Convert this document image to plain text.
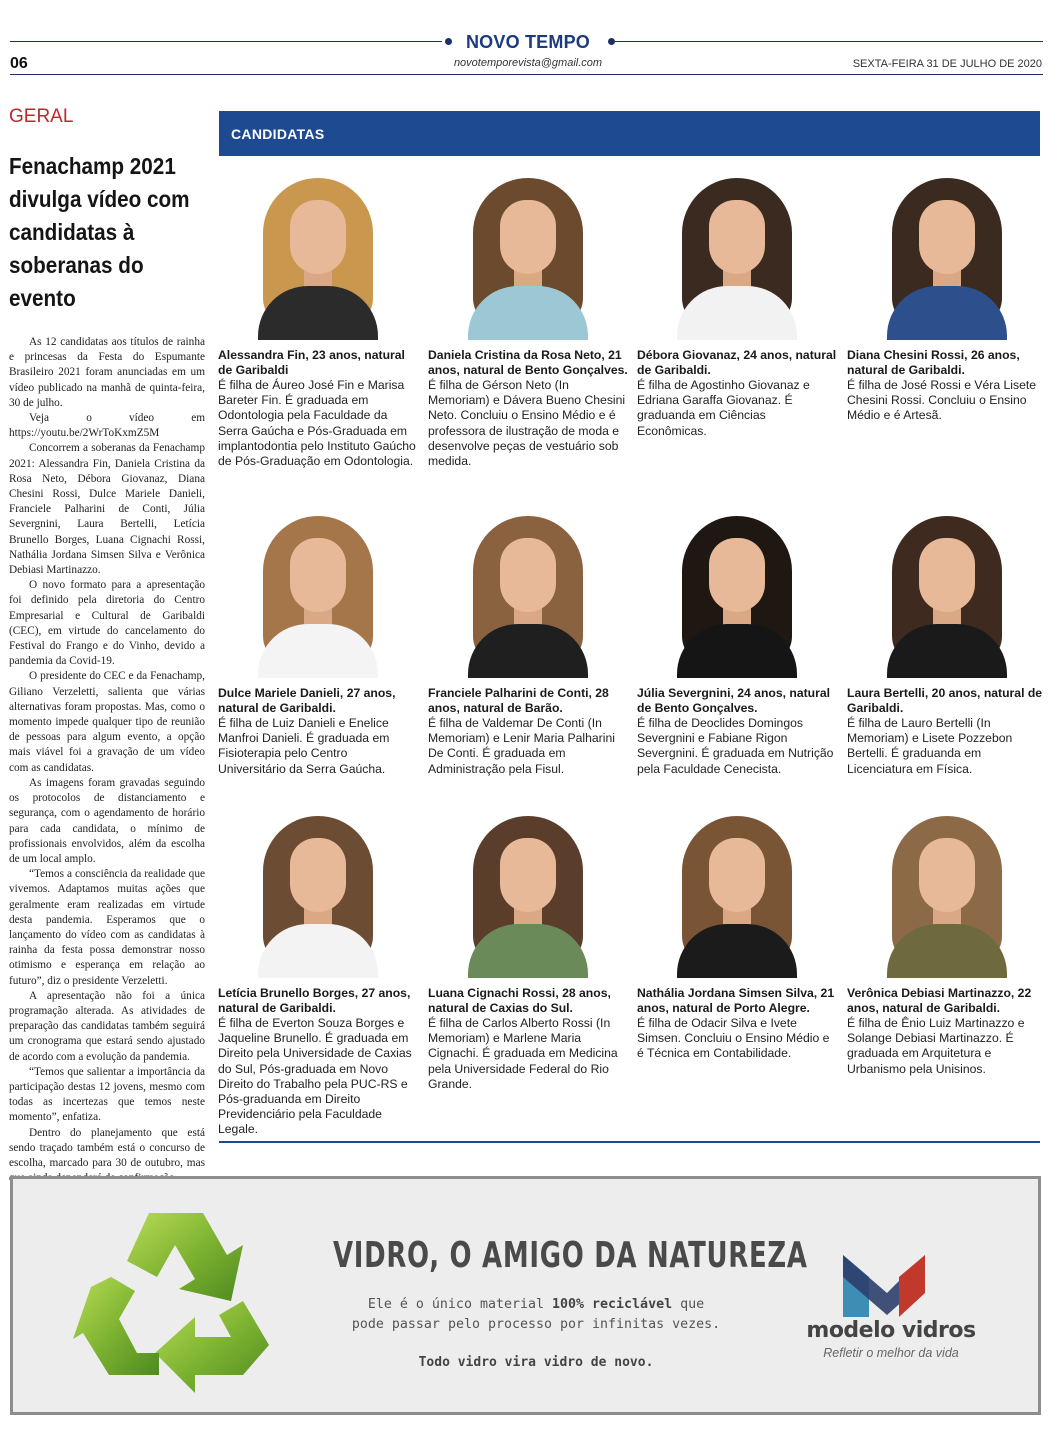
NOVO TEMPO
06	novotemporevista@gmail.com	SEXTA-FEIRA 31 DE JULHO DE 2020
GERAL
Fenachamp 2021 divulga vídeo com candidatas à soberanas do evento

As 12 candidatas aos títulos de rainha e princesas da Festa do Espumante Brasileiro 2021 foram anunciadas em um vídeo publicado na manhã de quinta-feira, 30 de julho.

Veja o vídeo em https://youtu.be/2WrToKxmZ5M

Concorrem a soberanas da Fenachamp 2021: Alessandra Fin, Daniela Cristina da Rosa Neto, Débora Giovanaz, Diana Chesini Rossi, Dulce Mariele Danieli, Franciele Palharini de Conti, Júlia Severgnini, Laura Bertelli, Letícia Brunello Borges, Luana Cignachi Rossi, Nathália Jordana Simsen Silva e Verônica Debiasi Martinazzo.

O novo formato para a apresentação foi definido pela diretoria do Centro Empresarial e Cultural de Garibaldi (CEC), em virtude do cancelamento do Festival do Frango e do Vinho, devido a pandemia da Covid-19.

O presidente do CEC e da Fenachamp, Giliano Verzeletti, salienta que várias alternativas foram propostas. Mas, como o momento impede qualquer tipo de reunião de pessoas para algum evento, a opção mais viável foi a gravação de um vídeo com as candidatas.

As imagens foram gravadas seguindo os protocolos de distanciamento e segurança, com o agendamento de horário para cada candidata, o mínimo de profissionais envolvidos, além da escolha de um local amplo.

“Temos a consciência da realidade que vivemos. Adaptamos muitas ações que geralmente eram realizadas em virtude desta pandemia. Esperamos que o lançamento do vídeo com as candidatas à rainha da festa possa demonstrar nosso otimismo e esperança em relação ao futuro”, diz o presidente Verzeletti.

A apresentação não foi a única programação alterada. As atividades de preparação das candidatas também seguirá um cronograma que estará sendo ajustado de acordo com a evolução da pandemia.

“Temos que salientar a importância da participação destas 12 jovens, mesmo com todas as incertezas que temos neste momento”, enfatiza.

Dentro do planejamento que está sendo traçado também está o concurso de escolha, marcado para 30 de outubro, mas

CANDIDATAS
Alessandra Fin, 23 anos, natural de Garibaldi
É filha de Áureo José Fin e Marisa Bareter Fin. É graduada em Odontologia pela Faculdade da Serra Gaúcha e Pós-Graduada em implantodontia pelo Instituto Gaúcho de Pós-Graduação em Odontologia.
Daniela Cristina da Rosa Neto, 21 anos, natural de Bento Gonçalves.
É filha de Gérson Neto (In Memoriam) e Dávera Bueno Chesini Neto. Concluiu o Ensino Médio e é professora de ilustração de moda e desenvolve peças de vestuário sob medida.
Débora Giovanaz, 24 anos, natural de Garibaldi.
É filha de Agostinho Giovanaz e Edriana Garaffa Giovanaz. É graduanda em Ciências Econômicas.
Diana Chesini Rossi, 26 anos, natural de Garibaldi.
É filha de José Rossi e Véra Lisete Chesini Rossi. Concluiu o Ensino Médio e é Artesã.
Dulce Mariele Danieli, 27 anos, natural de Garibaldi.
É filha de Luiz Danieli e Enelice Manfroi Danieli. É graduada em Fisioterapia pelo Centro Universitário da Serra Gaúcha.
Franciele Palharini de Conti, 28 anos, natural de Barão.
É filha de Valdemar De Conti (In Memoriam) e Lenir Maria Palharini De Conti. É graduada em Administração pela Fisul.
Júlia Severgnini, 24 anos, natural de Bento Gonçalves.
É filha de Deoclides Domingos Severgnini e Fabiane Rigon Severgnini. É graduada em Nutrição pela Faculdade Cenecista.
Laura Bertelli, 20 anos, natural de Garibaldi.
É filha de Lauro Bertelli (In Memoriam) e Lisete Pozzebon Bertelli. É graduanda em Licenciatura em Física.
Letícia Brunello Borges, 27 anos, natural de Garibaldi.
É filha de Everton Souza Borges e Jaqueline Brunello. É graduada em Direito pela Universidade de Caxias do Sul, Pós-graduada em Novo Direito do Trabalho pela PUC-RS e Pós-graduanda em Direito Previdenciário pela Faculdade Legale.
Luana Cignachi Rossi, 28 anos, natural de Caxias do Sul.
É filha de Carlos Alberto Rossi (In Memoriam) e Marlene Maria Cignachi. É graduada em Medicina pela Universidade Federal do Rio Grande.
Nathália Jordana Simsen Silva, 21 anos, natural de Porto Alegre.
É filha de Odacir Silva e Ivete Simsen. Concluiu o Ensino Médio e é Técnica em Contabilidade.
Verônica Debiasi Martinazzo, 22 anos, natural de Garibaldi.
É filha de Ênio Luiz Martinazzo e Solange Debiasi Martinazzo. É graduada em Arquitetura e Urbanismo pela Unisinos.
VIDRO, O AMIGO DA NATUREZA
Ele é o único material 100% reciclável que
pode passar pelo processo por infinitas vezes.
Todo vidro vira vidro de novo.
modelo vidros
Refletir o melhor da vida
